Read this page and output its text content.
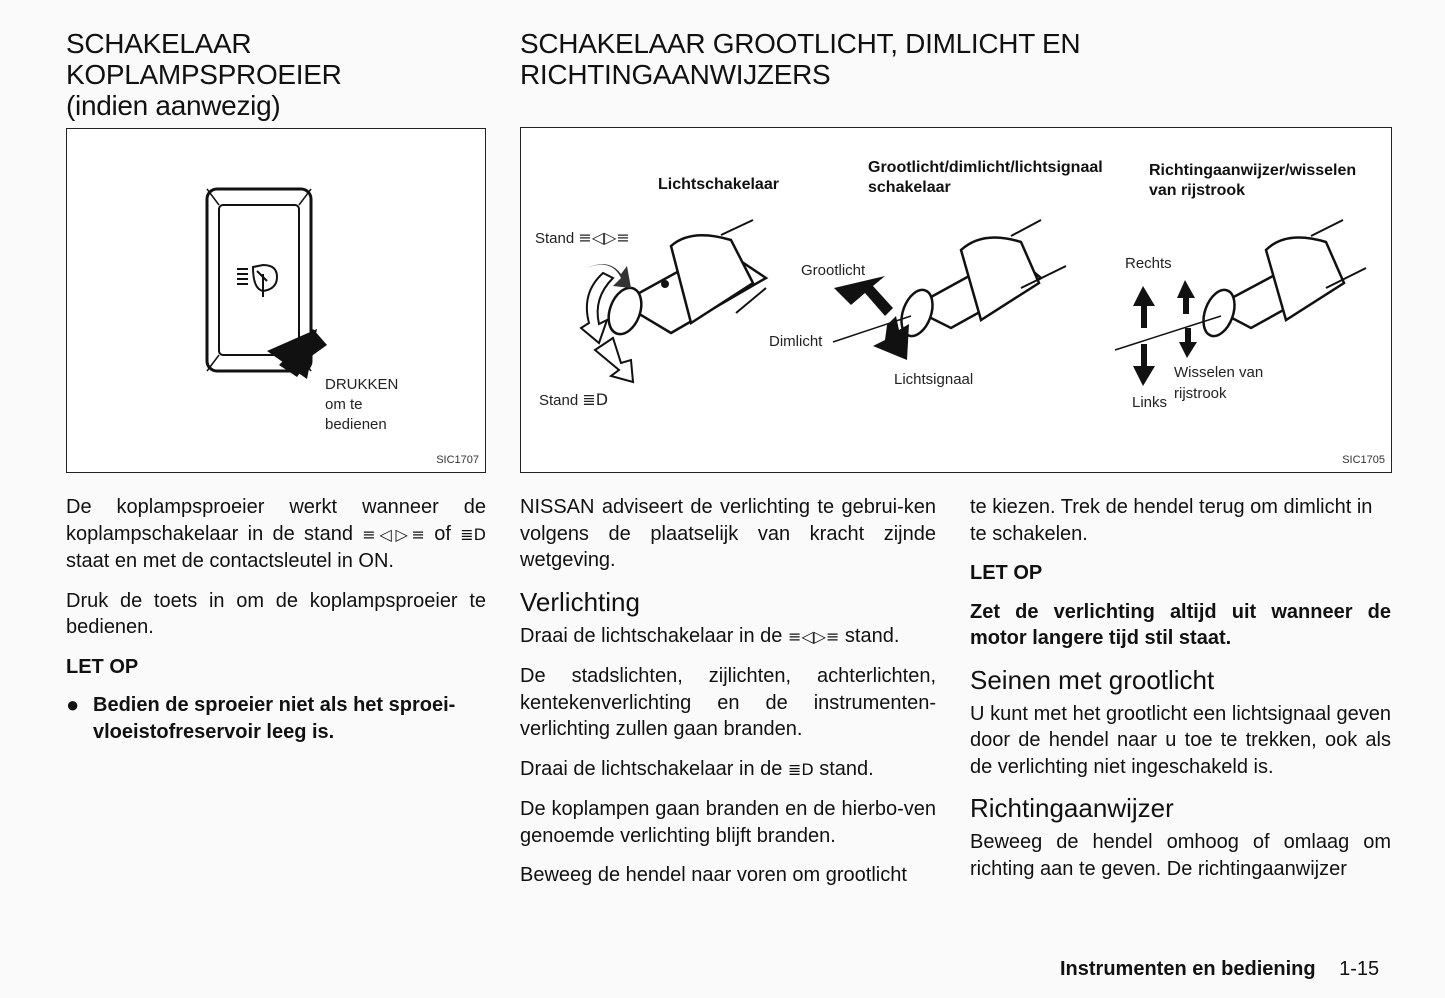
SCHAKELAAR
KOPLAMPSPROEIER
(indien aanwezig)
SCHAKELAAR GROOTLICHT, DIMLICHT EN
RICHTINGAANWIJZERS
DRUKKEN
om te
bedienen
SIC1707
Lichtschakelaar
Grootlicht/dimlicht/lichtsignaal
schakelaar
Richtingaanwijzer/wisselen
van rijstrook
Stand ≡◁▷≡
Stand ≣D
Grootlicht
Dimlicht
Lichtsignaal
Rechts
Links
Wisselen van
rijstrook
SIC1705

De koplampsproeier werkt wanneer de koplampschakelaar in de stand ≡◁▷≡ of ≣D staat en met de contactsleutel in ON.

Druk de toets in om de koplampsproeier te bedienen.

LET OP
● Bedien de sproeier niet als het sproei-vloeistofreservoir leeg is.

NISSAN adviseert de verlichting te gebrui-ken volgens de plaatselijk van kracht zijnde wetgeving.

Verlichting

Draai de lichtschakelaar in de ≡◁▷≡ stand.

De stadslichten, zijlichten, achterlichten, kentekenverlichting en de instrumenten-verlichting zullen gaan branden.

Draai de lichtschakelaar in de ≣D stand.

De koplampen gaan branden en de hierbo-ven genoemde verlichting blijft branden.

Beweeg de hendel naar voren om grootlicht

te kiezen. Trek de hendel terug om dimlicht in te schakelen.

LET OP

Zet de verlichting altijd uit wanneer de motor langere tijd stil staat.

Seinen met grootlicht

U kunt met het grootlicht een lichtsignaal geven door de hendel naar u toe te trekken, ook als de verlichting niet ingeschakeld is.

Richtingaanwijzer

Beweeg de hendel omhoog of omlaag om richting aan te geven. De richtingaanwijzer

Instrumenten en bediening 1-15
